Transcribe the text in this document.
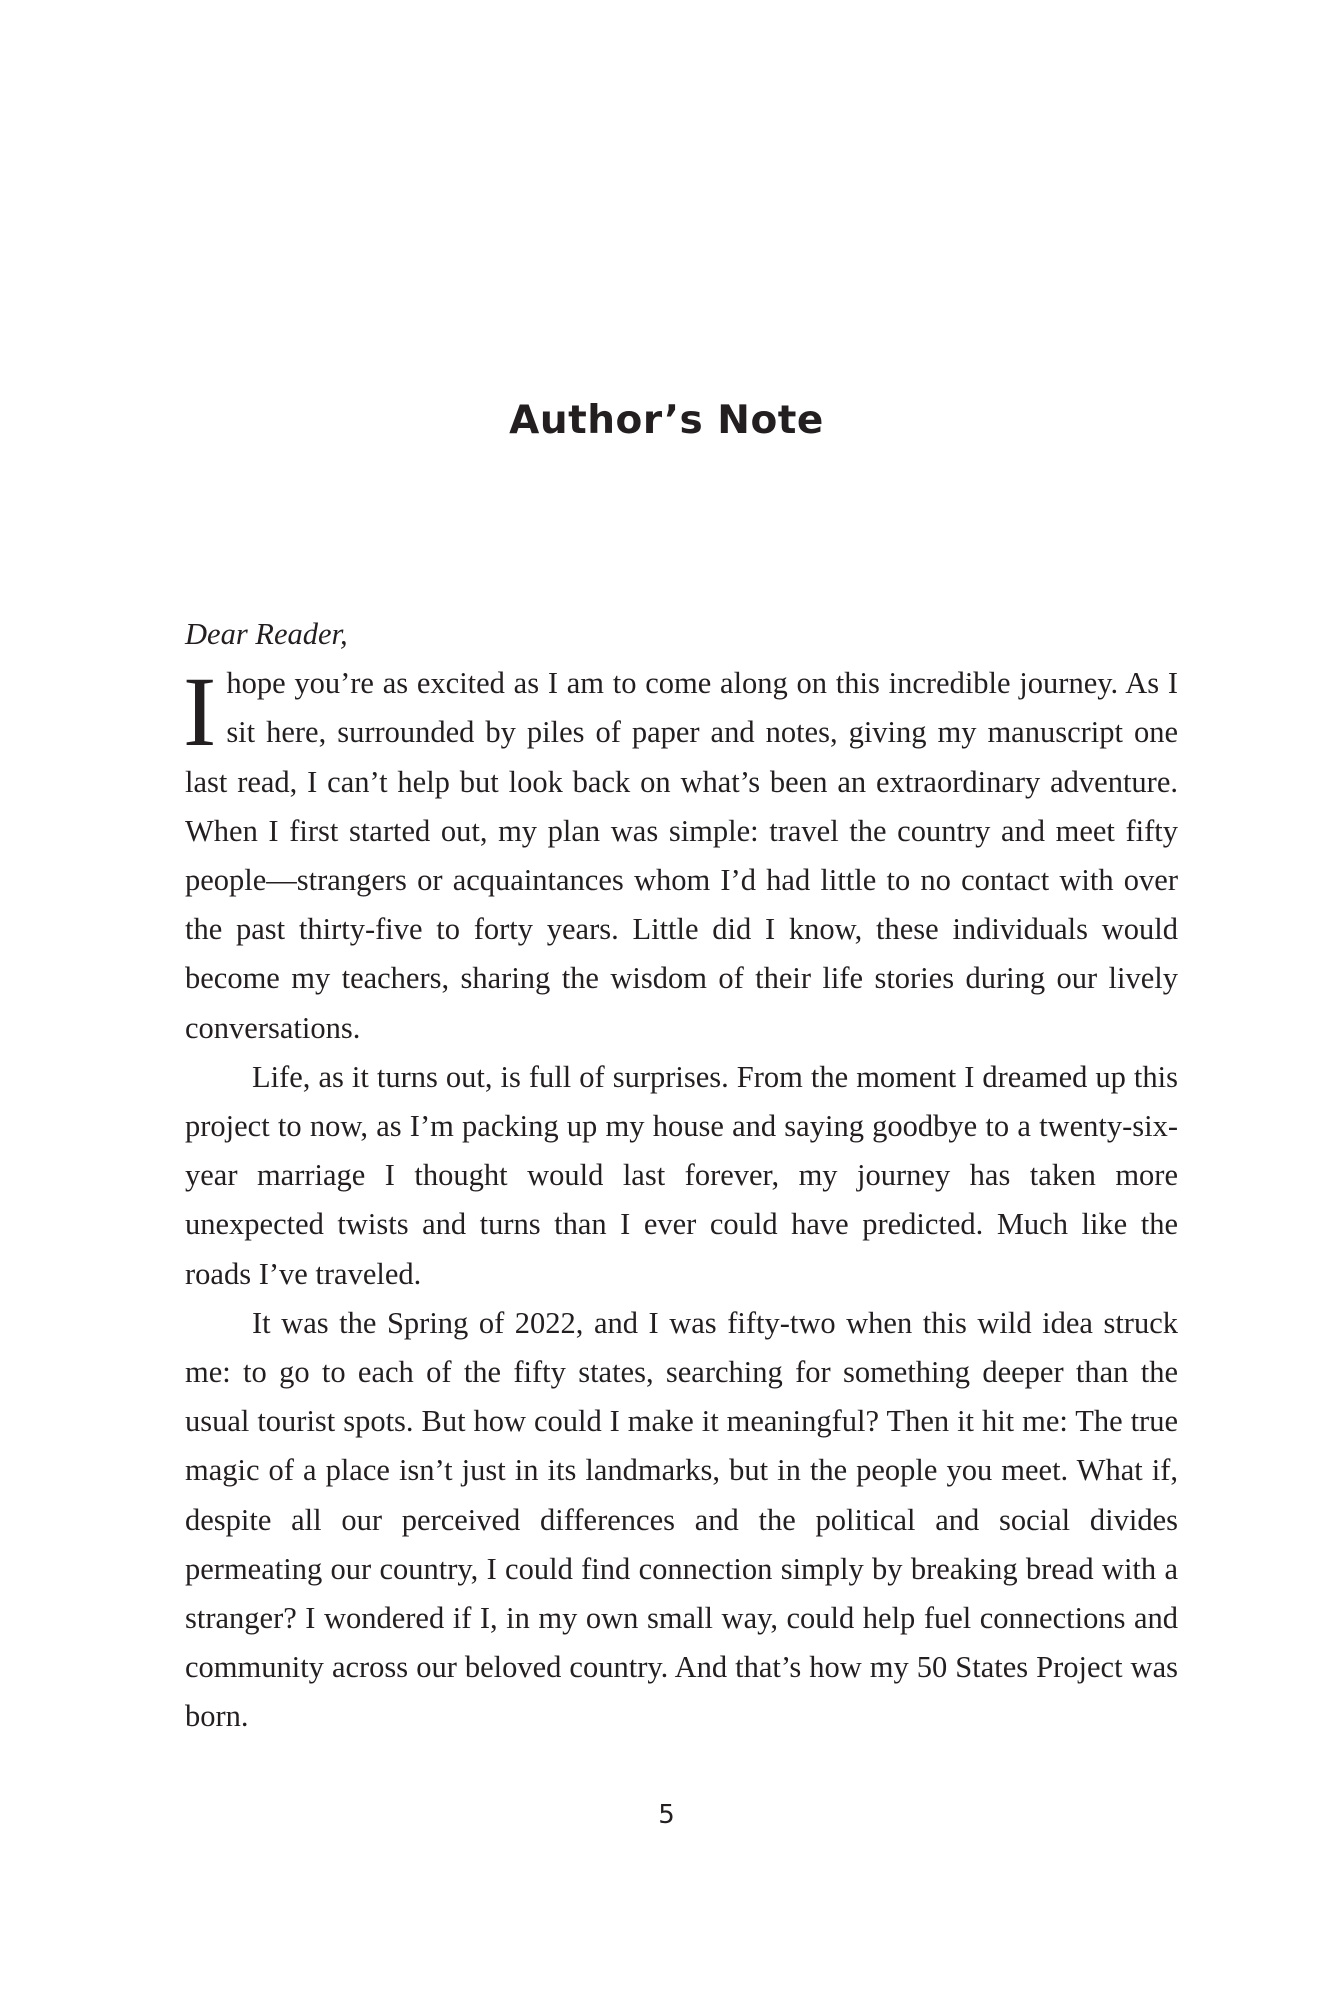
Author’s Note

Dear Reader,

I hope you’re as excited as I am to come along on this incredible journey. As I sit here, surrounded by piles of paper and notes, giving my manuscript one last read, I can’t help but look back on what’s been an extraordinary adventure. When I first started out, my plan was simple: travel the country and meet fifty people—strangers or acquaintances whom I’d had little to no contact with over the past thirty-five to forty years. Little did I know, these individuals would become my teachers, sharing the wisdom of their life stories during our lively conversations.

Life, as it turns out, is full of surprises. From the moment I dreamed up this project to now, as I’m packing up my house and saying goodbye to a twenty-six-year marriage I thought would last forever, my journey has taken more unexpected twists and turns than I ever could have predicted. Much like the roads I’ve traveled.

It was the Spring of 2022, and I was fifty-two when this wild idea struck me: to go to each of the fifty states, searching for something deeper than the usual tourist spots. But how could I make it meaningful? Then it hit me: The true magic of a place isn’t just in its landmarks, but in the people you meet. What if, despite all our perceived differences and the political and social divides permeating our country, I could find connection simply by breaking bread with a stranger? I wondered if I, in my own small way, could help fuel connections and community across our beloved country. And that’s how my 50 States Project was born.

5
